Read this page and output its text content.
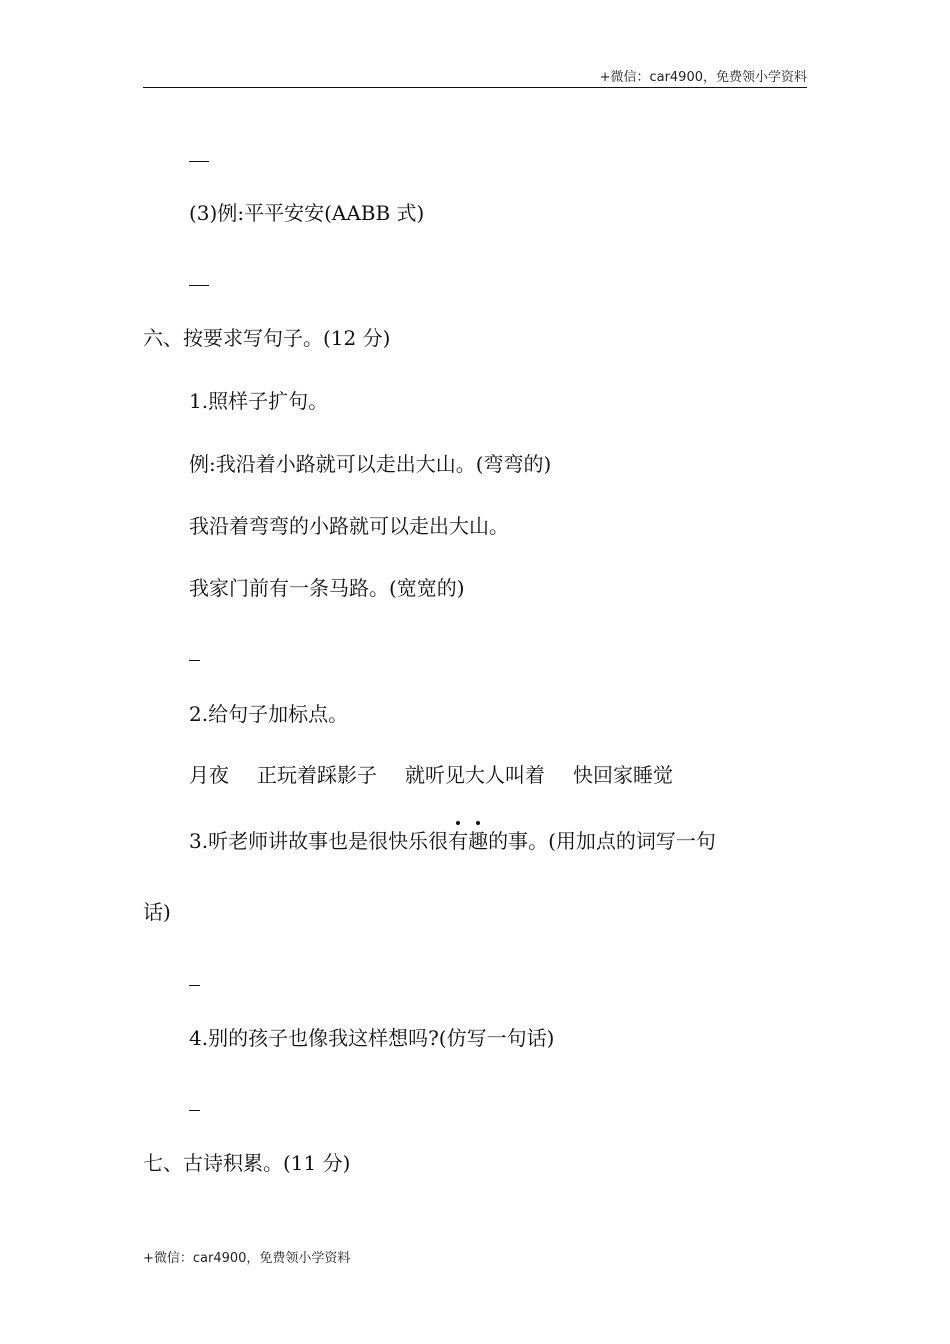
+微信：car4900，免费领小学资料
(3)例:平平安安(AABB 式)
六、按要求写句子。(12 分)
1.照样子扩句。
例:我沿着小路就可以走出大山。(弯弯的)
我沿着弯弯的小路就可以走出大山。
我家门前有一条马路。(宽宽的)
2.给句子加标点。
月夜 正玩着踩影子 就听见大人叫着 快回家睡觉
3.听老师讲故事也是很快乐很有趣的事。(用加点的词写一句
话)
4.别的孩子也像我这样想吗?(仿写一句话)
七、古诗积累。(11 分)
+微信：car4900，免费领小学资料
